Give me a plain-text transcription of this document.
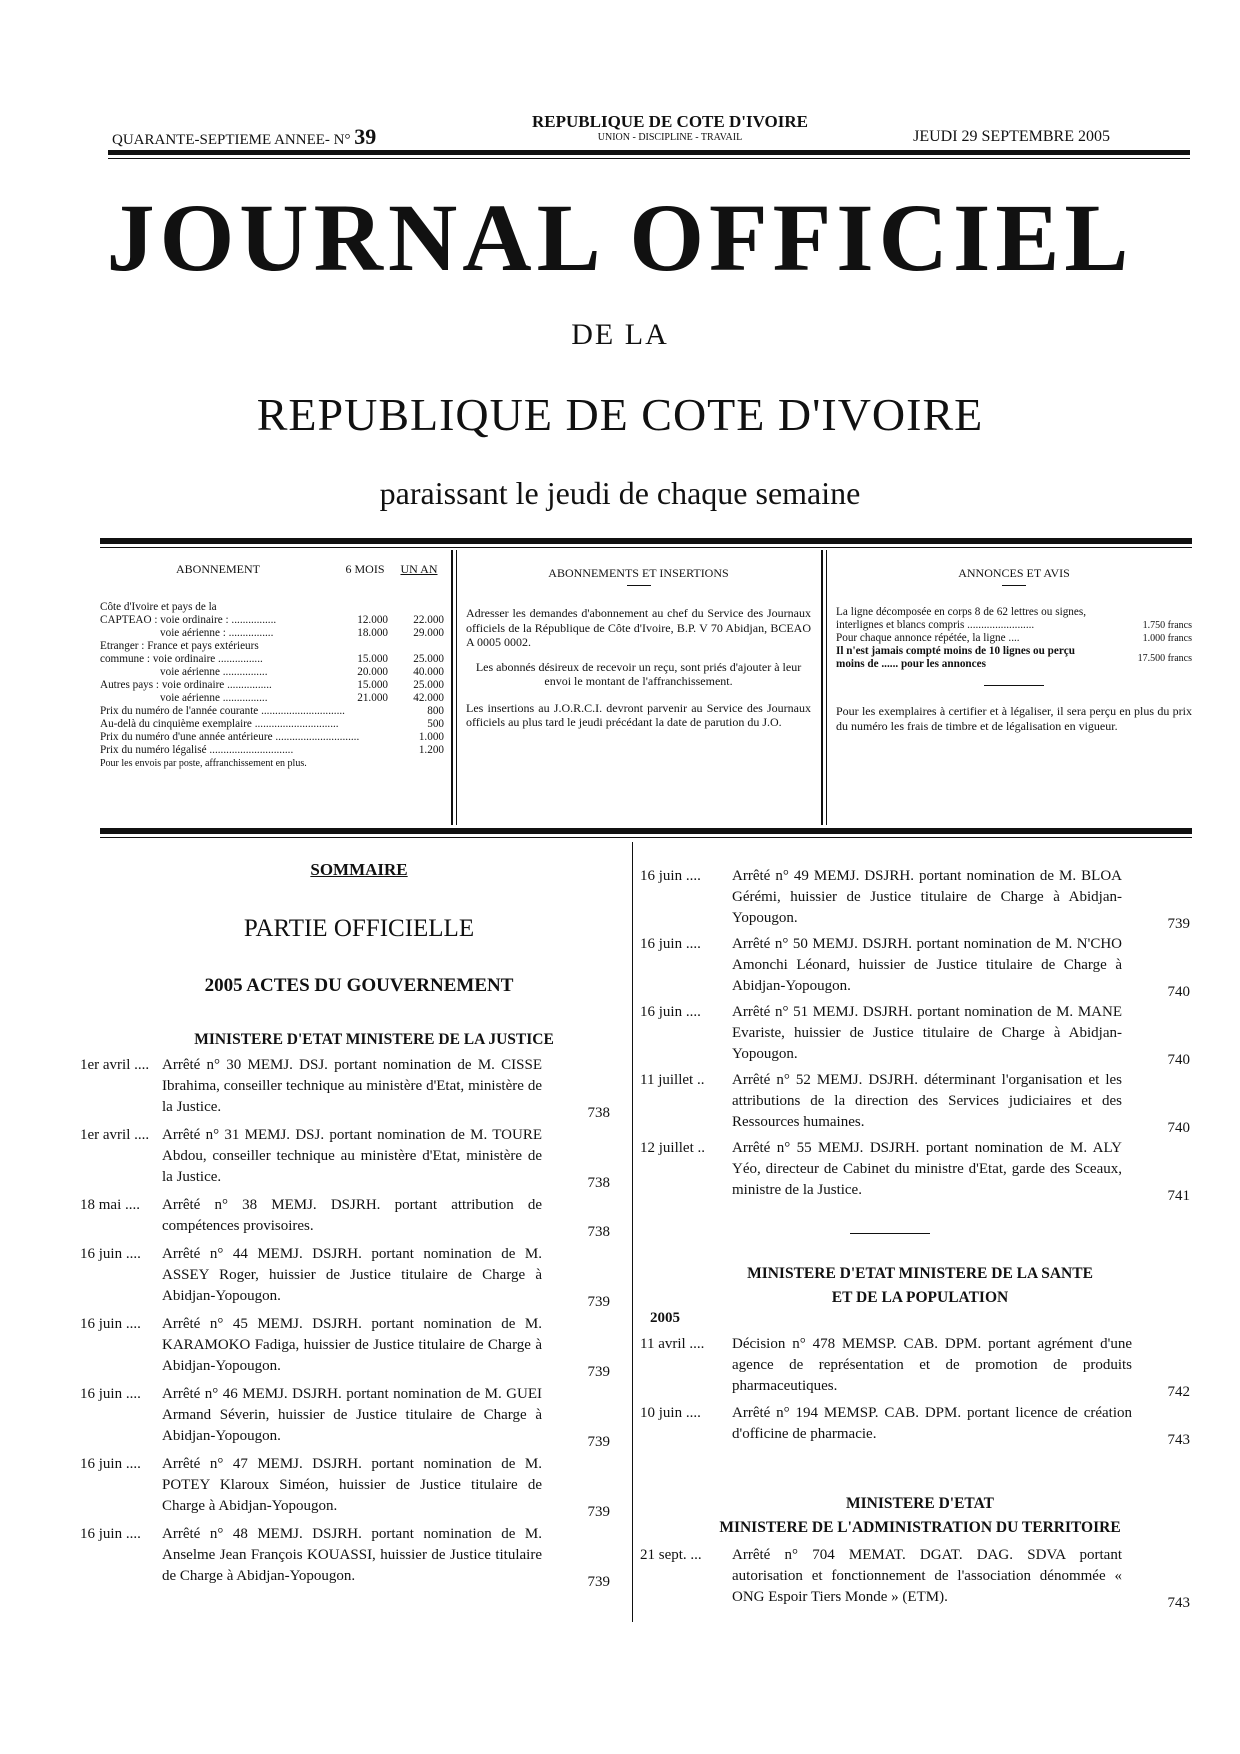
QUARANTE-SEPTIEME ANNEE- N° 39
REPUBLIQUE DE COTE D'IVOIRE
UNION - DISCIPLINE - TRAVAIL	JEUDI 29 SEPTEMBRE 2005
JOURNAL OFFICIEL
DE LA
REPUBLIQUE DE COTE D'IVOIRE
paraissant le jeudi de chaque semaine
ABONNEMENT	6 MOIS	UN AN
Côte d'Ivoire et pays de la
CAPTEAO : voie ordinaire : ................	12.000	22.000
voie aérienne : ................	18.000	29.000
Etranger : France et pays extérieurs
commune : voie ordinaire ................	15.000	25.000
voie aérienne ................	20.000	40.000
Autres pays : voie ordinaire ................	15.000	25.000
voie aérienne ................	21.000	42.000
Prix du numéro de l'année courante ..............................	800
Au-delà du cinquième exemplaire ..............................	500
Prix du numéro d'une année antérieure ..............................	1.000
Prix du numéro légalisé ..............................	1.200
Pour les envois par poste, affranchissement en plus.
ABONNEMENTS ET INSERTIONS
Adresser les demandes d'abonnement au chef du Service des Journaux officiels de la République de Côte d'Ivoire, B.P. V 70 Abidjan, BCEAO A 0005 0002.
Les abonnés désireux de recevoir un reçu, sont priés d'ajouter à leur envoi le montant de l'affranchissement.
Les insertions au J.O.R.C.I. devront parvenir au Service des Journaux officiels au plus tard le jeudi précédant la date de parution du J.O.
ANNONCES ET AVIS
La ligne décomposée en corps 8 de 62 lettres ou signes, interlignes et blancs compris ........................	1.750 francs
Pour chaque annonce répétée, la ligne ....	1.000 francs
Il n'est jamais compté moins de 10 lignes ou perçu moins de ...... pour les annonces	17.500 francs
Pour les exemplaires à certifier et à légaliser, il sera perçu en plus du prix du numéro les frais de timbre et de légalisation en vigueur.
SOMMAIRE
PARTIE OFFICIELLE
2005 ACTES DU GOUVERNEMENT
MINISTERE D'ETAT MINISTERE DE LA JUSTICE
1er avril .... Arrêté n° 30 MEMJ. DSJ. portant nomination de M. CISSE Ibrahima, conseiller technique au ministère d'Etat, ministère de la Justice.	738
1er avril .... Arrêté n° 31 MEMJ. DSJ. portant nomination de M. TOURE Abdou, conseiller technique au ministère d'Etat, ministère de la Justice.	738
18 mai .... Arrêté n° 38 MEMJ. DSJRH. portant attribution de compétences provisoires.	738
16 juin .... Arrêté n° 44 MEMJ. DSJRH. portant nomination de M. ASSEY Roger, huissier de Justice titulaire de Charge à Abidjan-Yopougon.	739
16 juin .... Arrêté n° 45 MEMJ. DSJRH. portant nomination de M. KARAMOKO Fadiga, huissier de Justice titulaire de Charge à Abidjan-Yopougon.	739
16 juin .... Arrêté n° 46 MEMJ. DSJRH. portant nomination de M. GUEI Armand Séverin, huissier de Justice titulaire de Charge à Abidjan-Yopougon.	739
16 juin .... Arrêté n° 47 MEMJ. DSJRH. portant nomination de M. POTEY Klaroux Siméon, huissier de Justice titulaire de Charge à Abidjan-Yopougon.	739
16 juin .... Arrêté n° 48 MEMJ. DSJRH. portant nomination de M. Anselme Jean François KOUASSI, huissier de Justice titulaire de Charge à Abidjan-Yopougon.	739
16 juin .... Arrêté n° 49 MEMJ. DSJRH. portant nomination de M. BLOA Gérémi, huissier de Justice titulaire de Charge à Abidjan-Yopougon.	739
16 juin .... Arrêté n° 50 MEMJ. DSJRH. portant nomination de M. N'CHO Amonchi Léonard, huissier de Justice titulaire de Charge à Abidjan-Yopougon.	740
16 juin .... Arrêté n° 51 MEMJ. DSJRH. portant nomination de M. MANE Evariste, huissier de Justice titulaire de Charge à Abidjan-Yopougon.	740
11 juillet .. Arrêté n° 52 MEMJ. DSJRH. déterminant l'organisation et les attributions de la direction des Services judiciaires et des Ressources humaines.	740
12 juillet .. Arrêté n° 55 MEMJ. DSJRH. portant nomination de M. ALY Yéo, directeur de Cabinet du ministre d'Etat, garde des Sceaux, ministre de la Justice.	741
MINISTERE D'ETAT MINISTERE DE LA SANTE
ET DE LA POPULATION
2005
11 avril .... Décision n° 478 MEMSP. CAB. DPM. portant agrément d'une agence de représentation et de promotion de produits pharmaceutiques.	742
10 juin .... Arrêté n° 194 MEMSP. CAB. DPM. portant licence de création d'officine de pharmacie.	743
MINISTERE D'ETAT
MINISTERE DE L'ADMINISTRATION DU TERRITOIRE
21 sept. ... Arrêté n° 704 MEMAT. DGAT. DAG. SDVA portant autorisation et fonctionnement de l'association dénommée « ONG Espoir Tiers Monde » (ETM).	743
